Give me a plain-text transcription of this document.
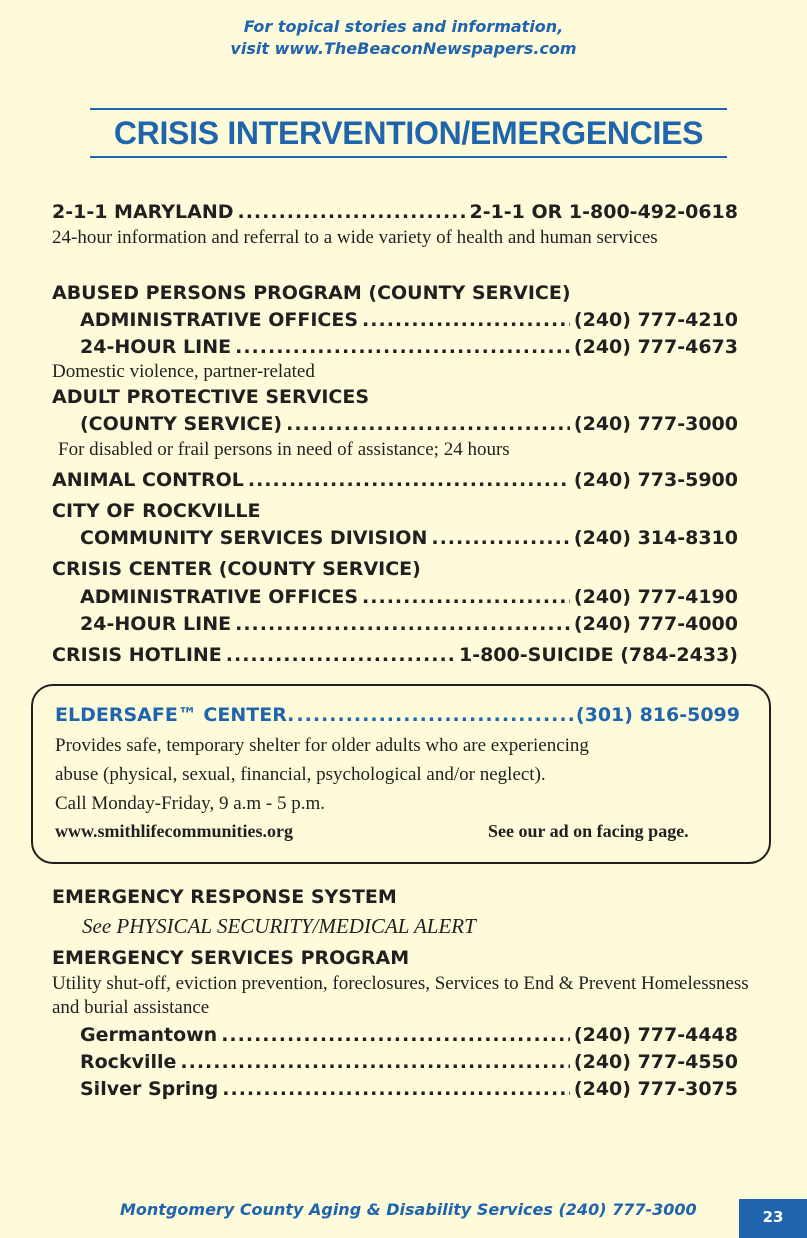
For topical stories and information,
visit www.TheBeaconNewspapers.com
CRISIS INTERVENTION/EMERGENCIES
2-1-1 MARYLAND .....	2-1-1 OR 1-800-492-0618
24-hour information and referral to a wide variety of health and human services
ABUSED PERSONS PROGRAM (COUNTY SERVICE)
ADMINISTRATIVE OFFICES .....	(240) 777-4210
24-HOUR LINE .....	(240) 777-4673
Domestic violence, partner-related
ADULT PROTECTIVE SERVICES
(COUNTY SERVICE) .....	(240) 777-3000
For disabled or frail persons in need of assistance; 24 hours
ANIMAL CONTROL .....	(240) 773-5900
CITY OF ROCKVILLE
COMMUNITY SERVICES DIVISION .....	(240) 314-8310
CRISIS CENTER (COUNTY SERVICE)
ADMINISTRATIVE OFFICES .....	(240) 777-4190
24-HOUR LINE .....	(240) 777-4000
CRISIS HOTLINE .....	1-800-SUICIDE (784-2433)
ELDERSAFE™ CENTER. .....	(301) 816-5099
Provides safe, temporary shelter for older adults who are experiencing
abuse (physical, sexual, financial, psychological and/or neglect).
Call Monday-Friday, 9 a.m - 5 p.m.
www.smithlifecommunities.org	See our ad on facing page.
EMERGENCY RESPONSE SYSTEM
See PHYSICAL SECURITY/MEDICAL ALERT
EMERGENCY SERVICES PROGRAM
Utility shut-off, eviction prevention, foreclosures, Services to End & Prevent Homelessness and burial assistance
Germantown .....	(240) 777-4448
Rockville .....	(240) 777-4550
Silver Spring .....	(240) 777-3075
Montgomery County Aging & Disability Services (240) 777-3000	23
